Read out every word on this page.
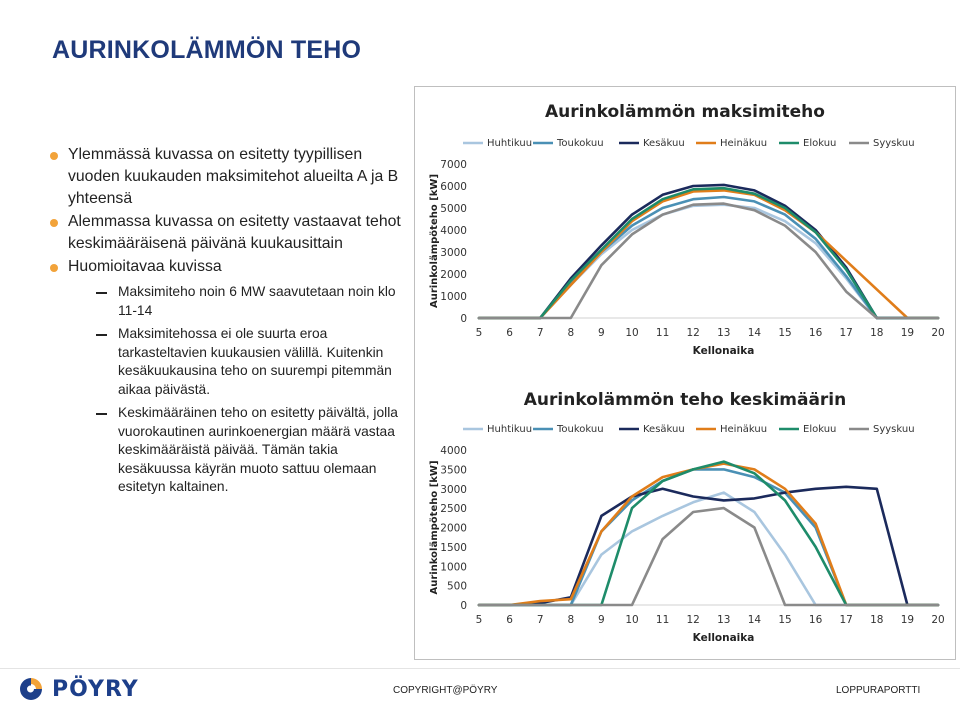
AURINKOLÄMMÖN TEHO
Ylemmässä kuvassa on esitetty tyypillisen vuoden kuukauden maksimitehot alueilta A ja B yhteensä
Alemmassa kuvassa on esitetty vastaavat tehot keskimääräisenä päivänä kuukausittain
Huomioitavaa kuvissa
Maksimiteho noin 6 MW saavutetaan noin klo 11-14
Maksimitehossa ei ole suurta eroa tarkasteltavien kuukausien välillä. Kuitenkin kesäkuukausina teho on suurempi pitemmän aikaa päivästä.
Keskimääräinen teho on esitetty päivältä, jolla vuorokautinen aurinkoenergian määrä vastaa keskimääräistä päivää. Tämän takia kesäkuussa käyrän muoto sattuu olemaan esitetyn kaltainen.
Aurinkolämmön maksimiteho
Huhtikuu Toukokuu	Kesäkuu	Heinäkuu	Elokuu	Syyskuu
0
1000
2000
3000
4000
5000
6000
7000
5 6 7 8 9 10 11 12 13 14 15 16 17 18 19 20
Aurinkolämpöteho [kW]
Kellonaika
Aurinkolämmön teho keskimäärin
Huhtikuu Toukokuu	Kesäkuu	Heinäkuu	Elokuu	Syyskuu
0
500
1000
1500
2000
2500
3000
3500
4000
5 6 7 8 9 10 11 12 13 14 15 16 17 18 19 20
Aurinkolämpöteho [kW]
Kellonaika
PÖYRY	COPYRIGHT@PÖYRY	LOPPURAPORTTI
